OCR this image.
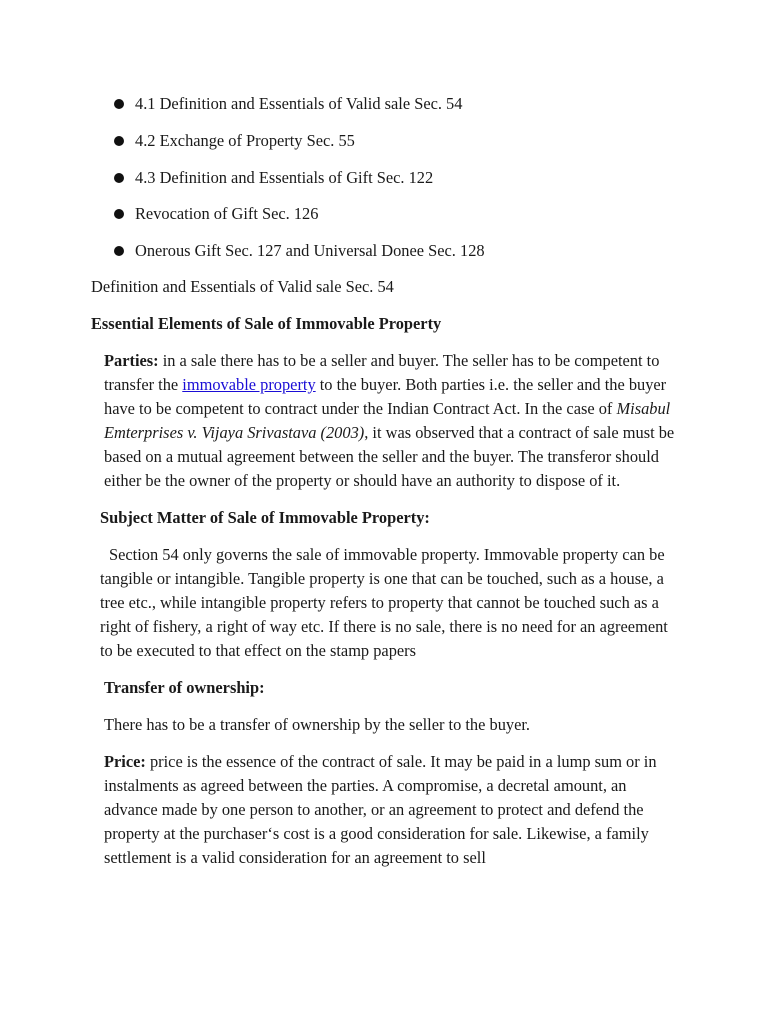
4.1 Definition and Essentials of Valid sale Sec. 54
4.2 Exchange of Property Sec. 55
4.3 Definition and Essentials of Gift Sec. 122
Revocation of Gift Sec. 126
Onerous Gift Sec. 127 and Universal Donee Sec. 128

Definition and Essentials of Valid sale Sec. 54

Essential Elements of Sale of Immovable Property

Parties: in a sale there has to be a seller and buyer. The seller has to be competent to transfer the immovable property to the buyer. Both parties i.e. the seller and the buyer have to be competent to contract under the Indian Contract Act. In the case of Misabul Emterprises v. Vijaya Srivastava (2003), it was observed that a contract of sale must be based on a mutual agreement between the seller and the buyer. The transferor should either be the owner of the property or should have an authority to dispose of it.

Subject Matter of Sale of Immovable Property:

Section 54 only governs the sale of immovable property. Immovable property can be tangible or intangible. Tangible property is one that can be touched, such as a house, a tree etc., while intangible property refers to property that cannot be touched such as a right of fishery, a right of way etc. If there is no sale, there is no need for an agreement to be executed to that effect on the stamp papers

Transfer of ownership:

There has to be a transfer of ownership by the seller to the buyer.

Price: price is the essence of the contract of sale. It may be paid in a lump sum or in instalments as agreed between the parties. A compromise, a decretal amount, an advance made by one person to another, or an agreement to protect and defend the property at the purchaser‘s cost is a good consideration for sale. Likewise, a family settlement is a valid consideration for an agreement to sell
